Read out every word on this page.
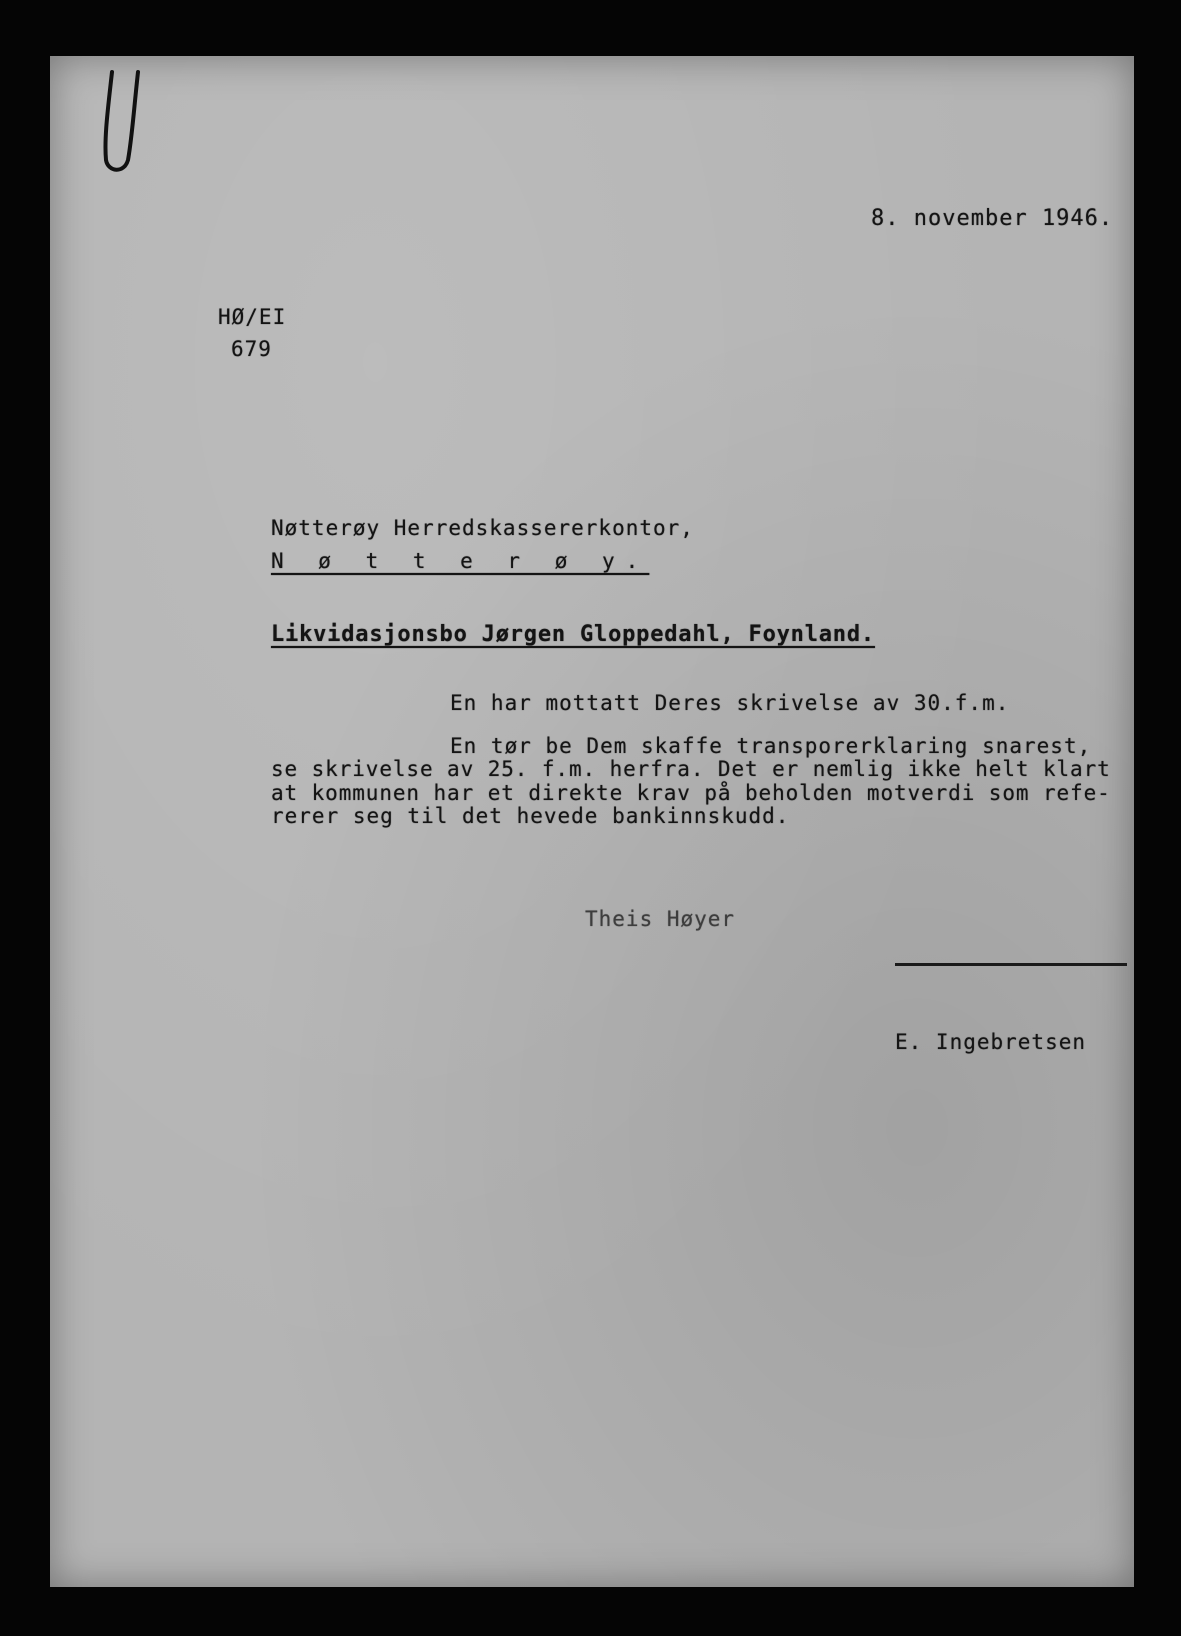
8. november 1946.
HØ/EI
679
Nøtterøy Herredskassererkontor,
N ø t t e r ø y.
Likvidasjonsbo Jørgen Gloppedahl, Foynland.
En har mottatt Deres skrivelse av 30.f.m.
En tør be Dem skaffe transporerklaring snarest,
se skrivelse av 25. f.m. herfra. Det er nemlig ikke helt klart
at kommunen har et direkte krav på beholden motverdi som refe-
rerer seg til det hevede bankinnskudd.
Theis Høyer
E. Ingebretsen
